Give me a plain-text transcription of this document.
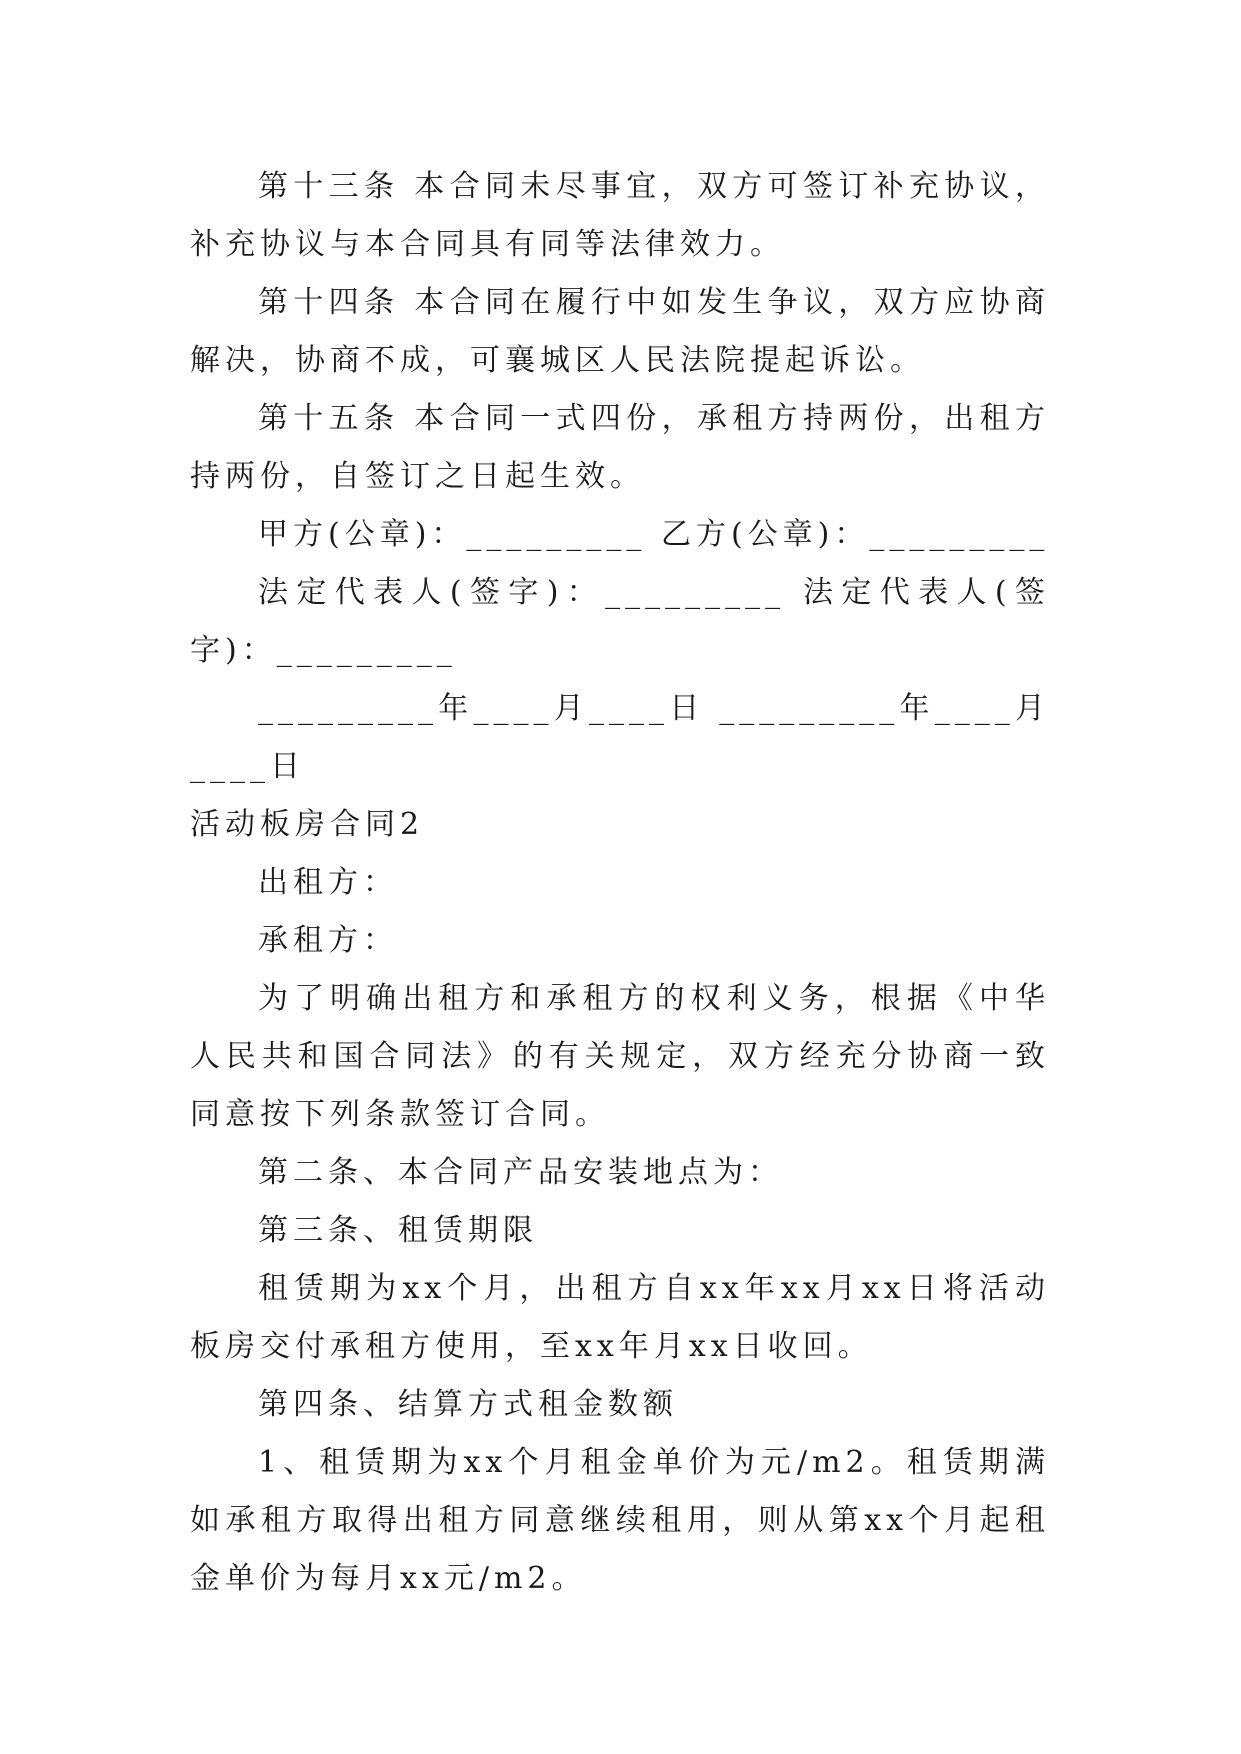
第十三条 本合同未尽事宜，双方可签订补充协议，补充协议与本合同具有同等法律效力。

第十四条 本合同在履行中如发生争议，双方应协商解决，协商不成，可襄城区人民法院提起诉讼。

第十五条 本合同一式四份，承租方持两份，出租方持两份，自签订之日起生效。

甲方(公章)：_________ 乙方(公章)：_________

法定代表人(签字)：_________ 法定代表人(签字)：_________

_________年____月____日 _________年____月____日

活动板房合同2

出租方：

承租方：

为了明确出租方和承租方的权利义务，根据《中华人民共和国合同法》的有关规定，双方经充分协商一致同意按下列条款签订合同。

第二条、本合同产品安装地点为：

第三条、租赁期限

租赁期为xx个月，出租方自xx年xx月xx日将活动板房交付承租方使用，至xx年月xx日收回。

第四条、结算方式租金数额

1、租赁期为xx个月租金单价为元/m2。租赁期满如承租方取得出租方同意继续租用，则从第xx个月起租金单价为每月xx元/m2。
